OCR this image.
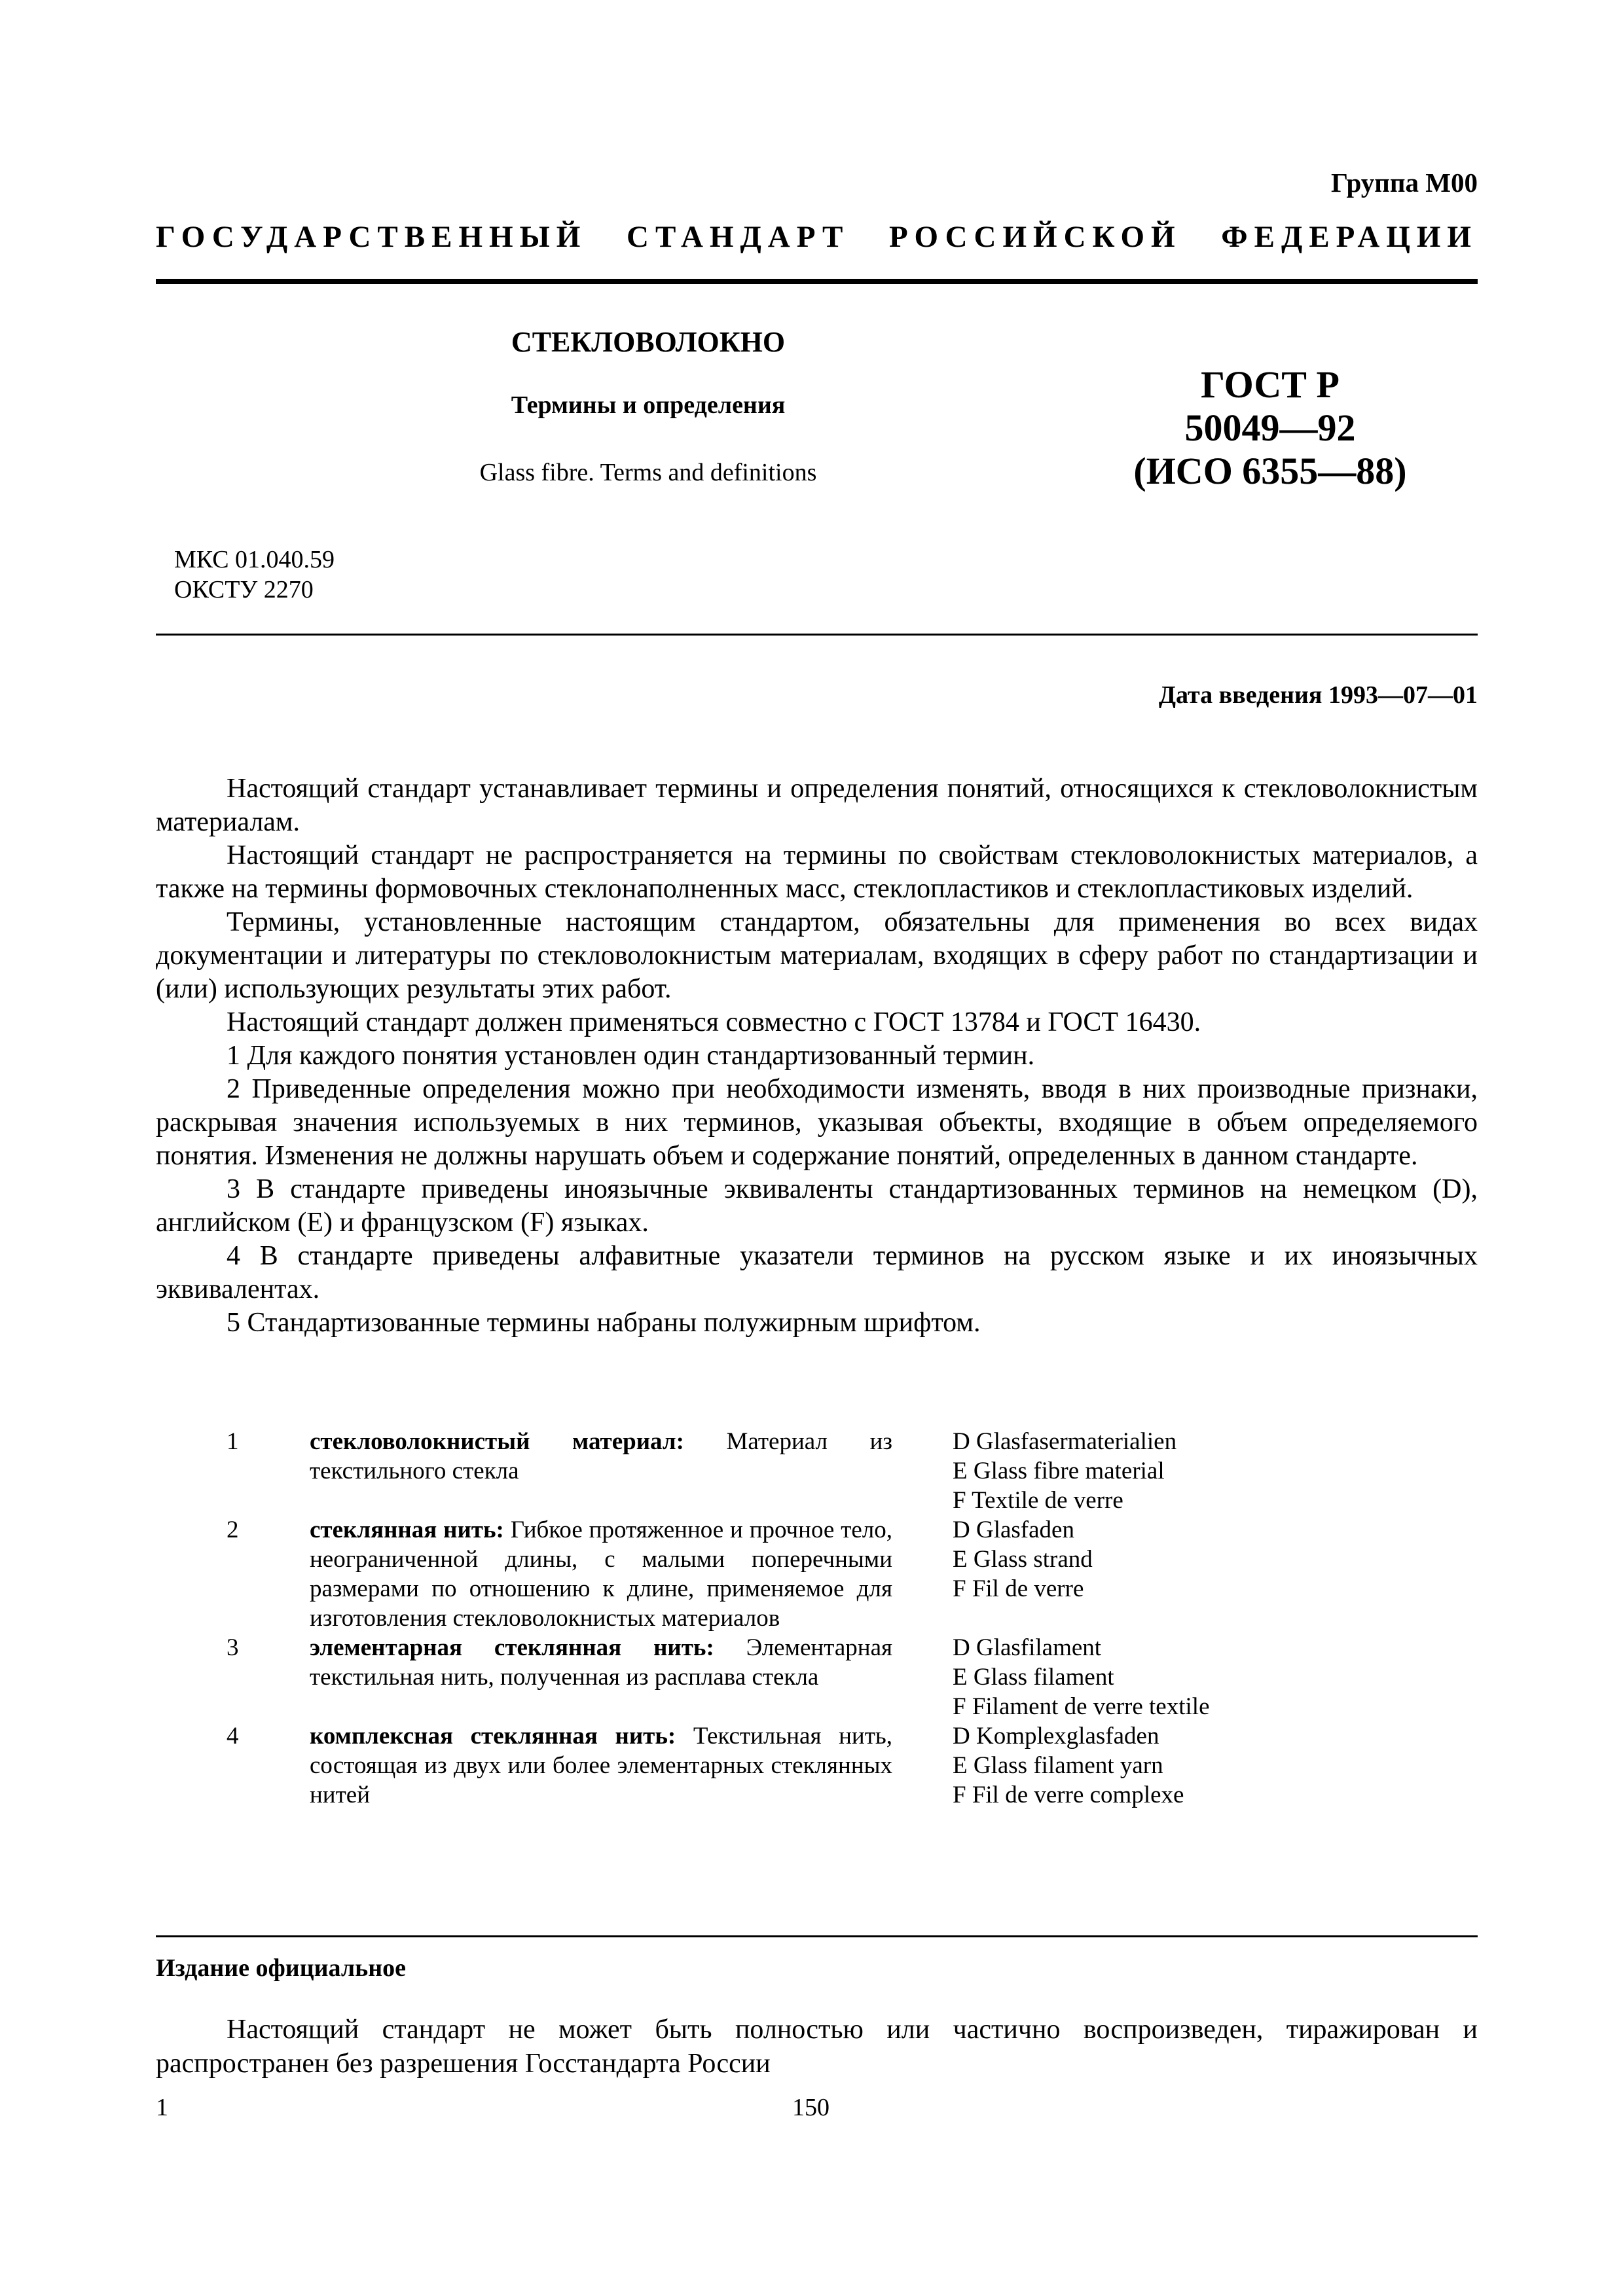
Группа М00
ГОСУДАРСТВЕННЫЙ СТАНДАРТ РОССИЙСКОЙ ФЕДЕРАЦИИ
СТЕКЛОВОЛОКНО
Термины и определения
Glass fibre. Terms and definitions
ГОСТ Р
50049—92
(ИСО 6355—88)
МКС 01.040.59
ОКСТУ 2270
Дата введения 1993—07—01

Настоящий стандарт устанавливает термины и определения понятий, относящихся к стекловолокнистым материалам.

Настоящий стандарт не распространяется на термины по свойствам стекловолокнистых материалов, а также на термины формовочных стеклонаполненных масс, стеклопластиков и стеклопластиковых изделий.

Термины, установленные настоящим стандартом, обязательны для применения во всех видах документации и литературы по стекловолокнистым материалам, входящих в сферу работ по стандартизации и (или) использующих результаты этих работ.

Настоящий стандарт должен применяться совместно с ГОСТ 13784 и ГОСТ 16430.

1 Для каждого понятия установлен один стандартизованный термин.

2 Приведенные определения можно при необходимости изменять, вводя в них производные признаки, раскрывая значения используемых в них терминов, указывая объекты, входящие в объем определяемого понятия. Изменения не должны нарушать объем и содержание понятий, определенных в данном стандарте.

3 В стандарте приведены иноязычные эквиваленты стандартизованных терминов на немецком (D), английском (E) и французском (F) языках.

4 В стандарте приведены алфавитные указатели терминов на русском языке и их иноязычных эквивалентах.

5 Стандартизованные термины набраны полужирным шрифтом.

1	стекловолокнистый материал: Материал из текстильного стекла
D Glasfasermaterialien
E Glass fibre material
F Textile de verre
2	стеклянная нить: Гибкое протяженное и прочное тело, неограниченной длины, с малыми поперечными размерами по отношению к длине, применяемое для изготовления стекловолокнистых материалов
D Glasfaden
E Glass strand
F Fil de verre
3	элементарная стеклянная нить: Элементарная текстильная нить, полученная из расплава стекла
D Glasfilament
E Glass filament
F Filament de verre textile
4	комплексная стеклянная нить: Текстильная нить, состоящая из двух или более элементарных стеклянных нитей
D Komplexglasfaden
E Glass filament yarn
F Fil de verre complexe
Издание официальное

Настоящий стандарт не может быть полностью или частично воспроизведен, тиражирован и распространен без разрешения Госстандарта России

1	150
